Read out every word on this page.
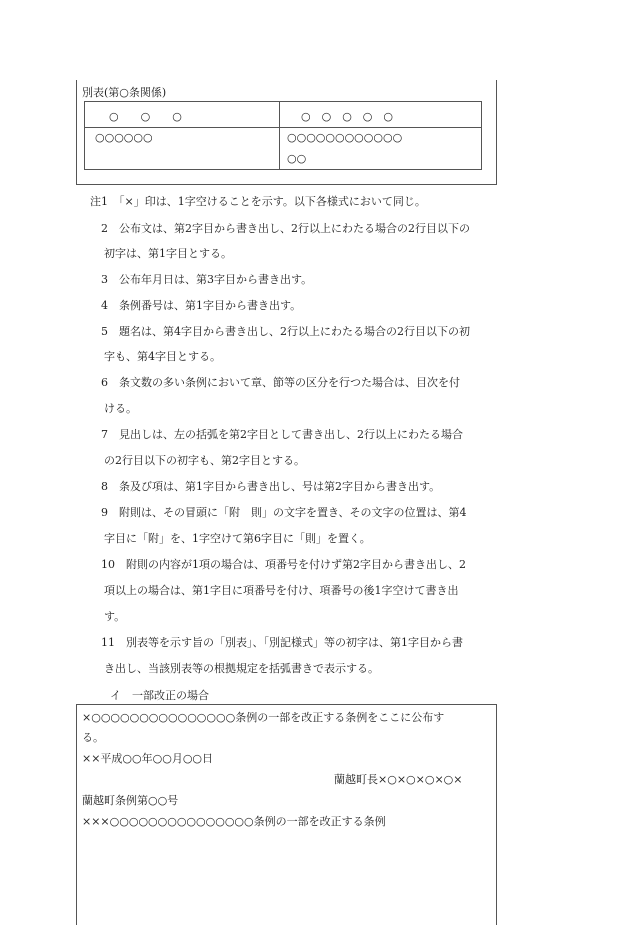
別表(第○条関係)
○　　○　　○	○　○　○　○　○
○○○○○○	○○○○○○○○○○○○
○○
注1　「×」印は、1字空けることを示す。以下各様式において同じ。
2　公布文は、第2字目から書き出し、2行以上にわたる場合の2行目以下の
初字は、第1字目とする。
3　公布年月日は、第3字目から書き出す。
4　条例番号は、第1字目から書き出す。
5　題名は、第4字目から書き出し、2行以上にわたる場合の2行目以下の初
字も、第4字目とする。
6　条文数の多い条例において章、節等の区分を行つた場合は、目次を付
ける。
7　見出しは、左の括弧を第2字目として書き出し、2行以上にわたる場合
の2行目以下の初字も、第2字目とする。
8　条及び項は、第1字目から書き出し、号は第2字目から書き出す。
9　附則は、その冒頭に「附　則」の文字を置き、その文字の位置は、第4
字目に「附」を、1字空けて第6字目に「則」を置く。
10　附則の内容が1項の場合は、項番号を付けず第2字目から書き出し、2
項以上の場合は、第1字目に項番号を付け、項番号の後1字空けて書き出
す。
11　別表等を示す旨の「別表」、「別記様式」等の初字は、第1字目から書
き出し、当該別表等の根拠規定を括弧書きで表示する。
イ　一部改正の場合
×○○○○○○○○○○○○○○○条例の一部を改正する条例をここに公布す
る。
××平成○○年○○月○○日
蘭越町長×○×○×○×○×
蘭越町条例第○○号
×××○○○○○○○○○○○○○○○条例の一部を改正する条例
